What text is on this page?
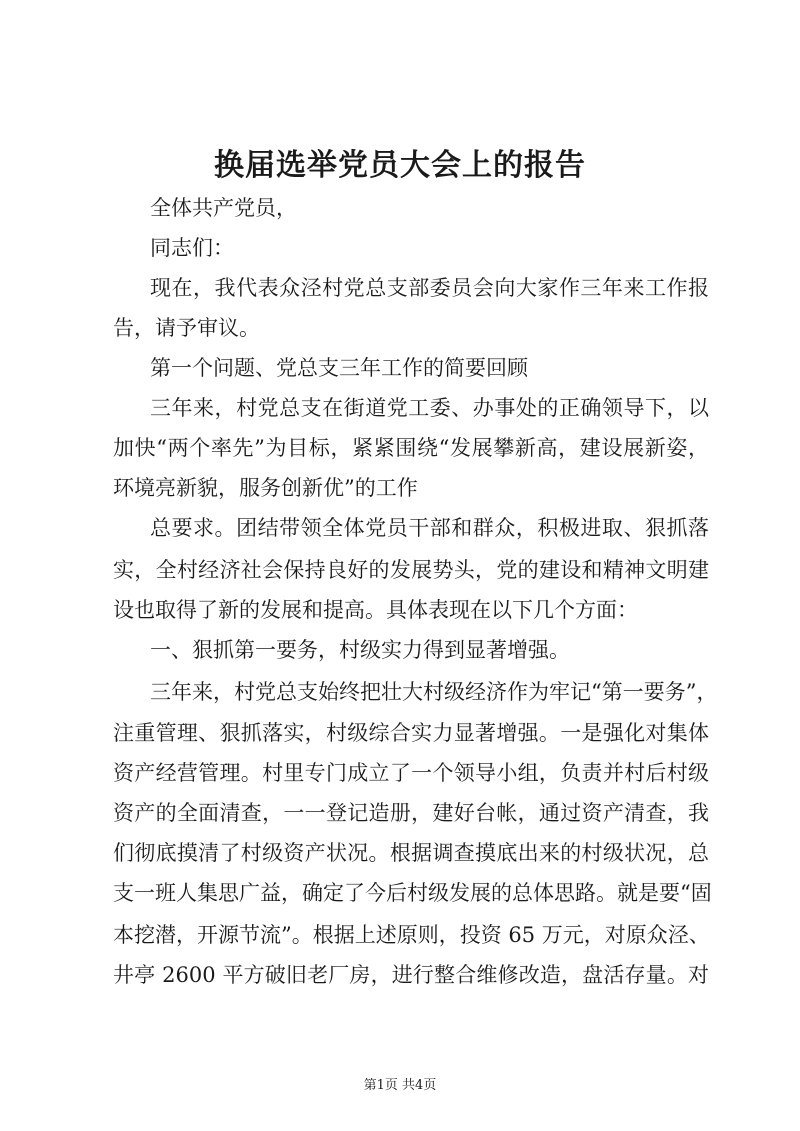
换届选举党员大会上的报告
全体共产党员，
同志们：
现在，我代表众泾村党总支部委员会向大家作三年来工作报
告，请予审议。
第一个问题、党总支三年工作的简要回顾
三年来，村党总支在街道党工委、办事处的正确领导下，以
加快“两个率先”为目标，紧紧围绕“发展攀新高，建设展新姿，
环境亮新貌，服务创新优”的工作
总要求。团结带领全体党员干部和群众，积极进取、狠抓落
实，全村经济社会保持良好的发展势头，党的建设和精神文明建
设也取得了新的发展和提高。具体表现在以下几个方面：
一、狠抓第一要务，村级实力得到显著增强。
三年来，村党总支始终把壮大村级经济作为牢记“第一要务”，
注重管理、狠抓落实，村级综合实力显著增强。一是强化对集体
资产经营管理。村里专门成立了一个领导小组，负责并村后村级
资产的全面清查，一一登记造册，建好台帐，通过资产清查，我
们彻底摸清了村级资产状况。根据调查摸底出来的村级状况，总
支一班人集思广益，确定了今后村级发展的总体思路。就是要“固
本挖潜，开源节流”。根据上述原则，投资 65 万元，对原众泾、
井亭 2600 平方破旧老厂房，进行整合维修改造，盘活存量。对
第1页 共4页
